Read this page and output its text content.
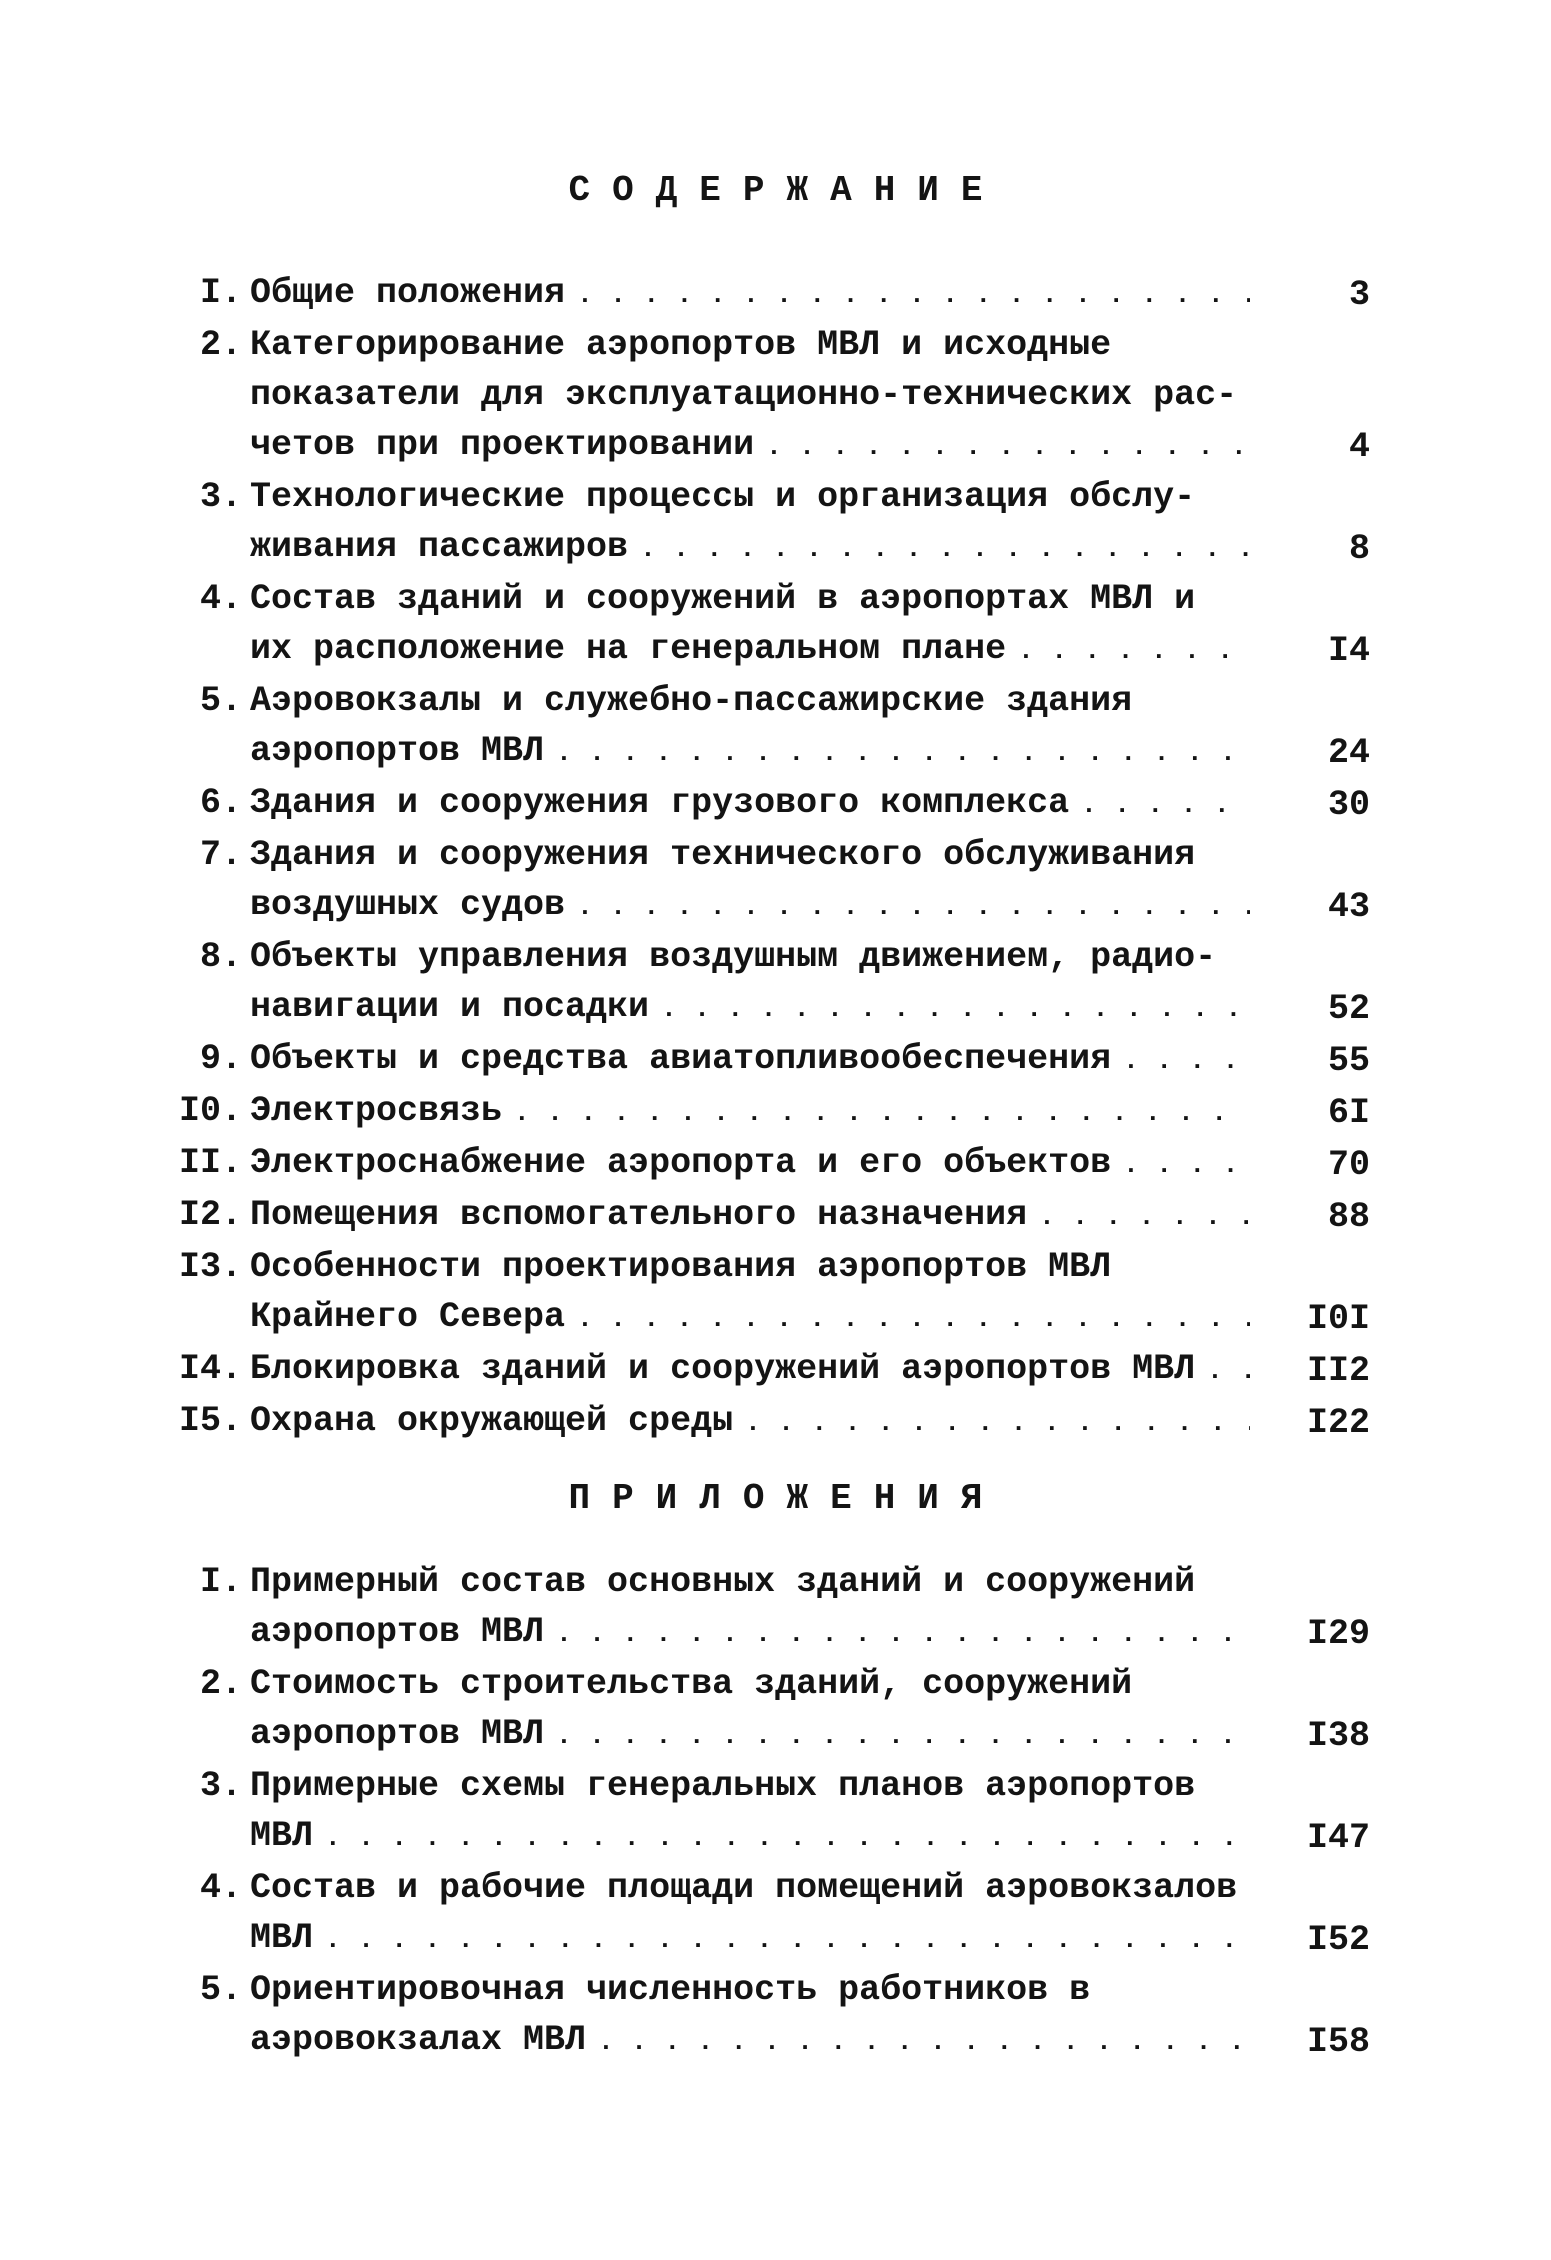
СОДЕРЖАНИЕ
I. Общие положения . . .	3
2. Категорирование аэропортов МВЛ и исходные
показатели для эксплуатационно-технических рас-
четов при проектировании . . .	4
3. Технологические процессы и организация обслу-
живания пассажиров . . .	8
4. Состав зданий и сооружений в аэропортах МВЛ и
их расположение на генеральном плане . . .	I4
5. Аэровокзалы и служебно-пассажирские здания
аэропортов МВЛ . . .	24
6. Здания и сооружения грузового комплекса . . .	30
7. Здания и сооружения технического обслуживания
воздушных судов . . .	43
8. Объекты управления воздушным движением, радио-
навигации и посадки . . .	52
9. Объекты и средства авиатопливообеспечения . . .	55
I0. Электросвязь . . .	6I
II. Электроснабжение аэропорта и его объектов . . .	70
I2. Помещения вспомогательного назначения . . .	88
I3. Особенности проектирования аэропортов МВЛ
Крайнего Севера . . .	I0I
I4. Блокировка зданий и сооружений аэропортов МВЛ . . .	II2
I5. Охрана окружающей среды . . .	I22
ПРИЛОЖЕНИЯ
I. Примерный состав основных зданий и сооружений
аэропортов МВЛ . . .	I29
2. Стоимость строительства зданий, сооружений
аэропортов МВЛ . . .	I38
3. Примерные схемы генеральных планов аэропортов
МВЛ . . .	I47
4. Состав и рабочие площади помещений аэровокзалов
МВЛ . . .	I52
5. Ориентировочная численность работников в
аэровокзалах МВЛ . . .	I58
